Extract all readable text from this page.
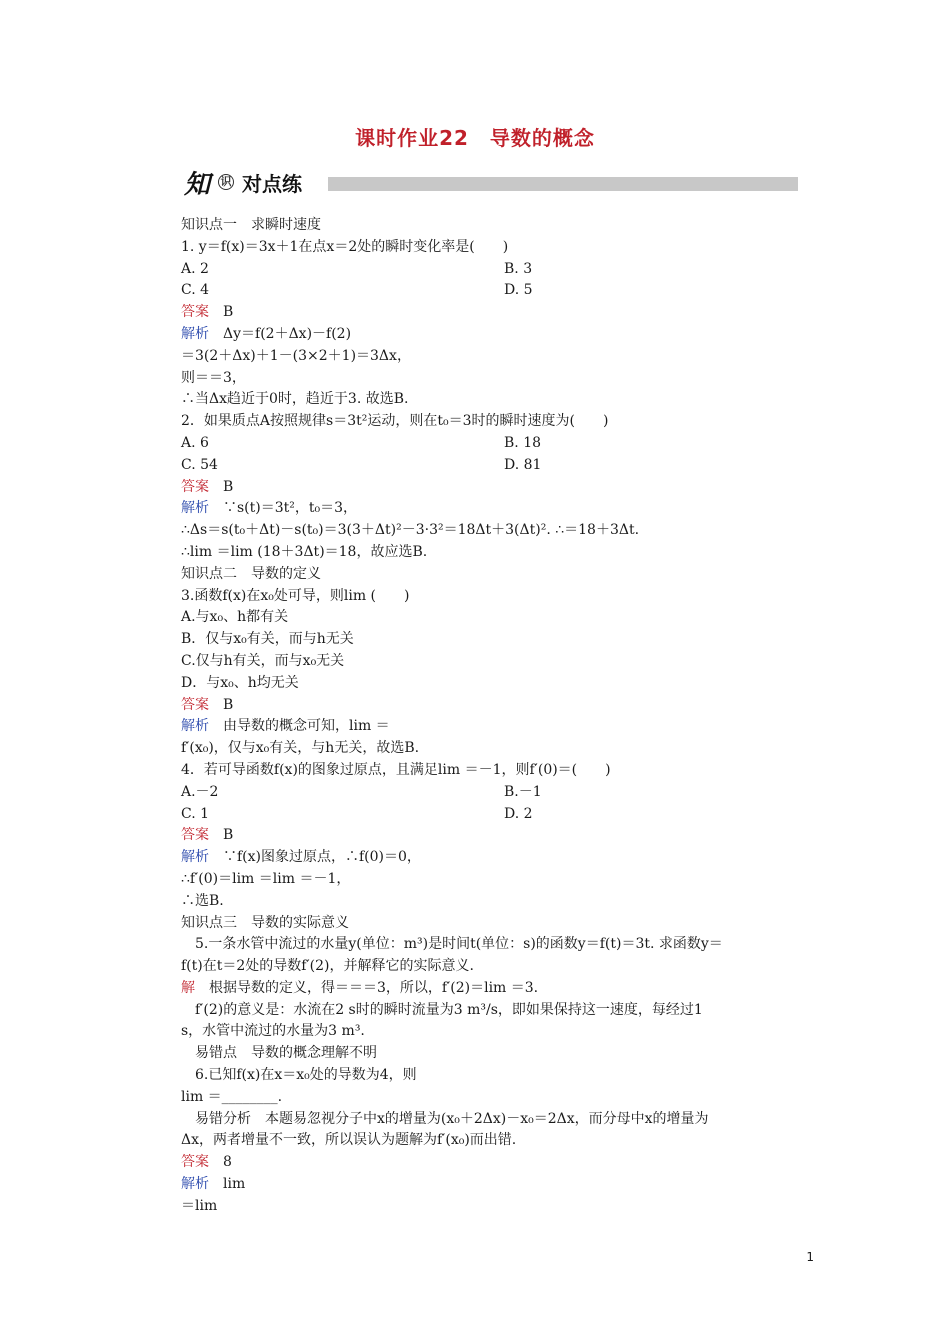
课时作业22　导数的概念
知 识 对点练
知识点一　求瞬时速度
1. y＝f(x)＝3x＋1在点x＝2处的瞬时变化率是(　　)
A. 2	B. 3
C. 4	D. 5
答案　B
解析　Δy＝f(2＋Δx)－f(2)
＝3(2＋Δx)＋1－(3×2＋1)＝3Δx，
则＝＝3，
∴当Δx趋近于0时，趋近于3. 故选B.
2．如果质点A按照规律s＝3t²运动，则在t₀＝3时的瞬时速度为(　　)
A. 6	B. 18
C. 54	D. 81
答案　B
解析　∵s(t)＝3t²，t₀＝3，
∴Δs＝s(t₀＋Δt)－s(t₀)＝3(3＋Δt)²－3·3²＝18Δt＋3(Δt)². ∴＝18＋3Δt.
∴lim ＝lim (18＋3Δt)＝18，故应选B.
知识点二　导数的定义
3.函数f(x)在x₀处可导，则lim (　　)
A.与x₀、h都有关
B．仅与x₀有关，而与h无关
C.仅与h有关，而与x₀无关
D．与x₀、h均无关
答案　B
解析　由导数的概念可知，lim ＝
f′(x₀)，仅与x₀有关，与h无关，故选B.
4．若可导函数f(x)的图象过原点，且满足lim ＝－1，则f′(0)＝(　　)
A.－2	B.－1
C. 1	D. 2
答案　B
解析　∵f(x)图象过原点，∴f(0)＝0，
∴f′(0)＝lim ＝lim ＝－1，
∴选B.
知识点三　导数的实际意义
　5.一条水管中流过的水量y(单位：m³)是时间t(单位：s)的函数y＝f(t)＝3t. 求函数y＝
f(t)在t＝2处的导数f′(2)，并解释它的实际意义.
解　根据导数的定义，得＝＝＝3，所以，f′(2)＝lim ＝3.
　f′(2)的意义是：水流在2 s时的瞬时流量为3 m³/s，即如果保持这一速度，每经过1
s，水管中流过的水量为3 m³.
　易错点　导数的概念理解不明
　6.已知f(x)在x＝x₀处的导数为4，则
lim ＝________.
　易错分析　本题易忽视分子中x的增量为(x₀＋2Δx)－x₀＝2Δx，而分母中x的增量为
Δx，两者增量不一致，所以误认为题解为f′(x₀)而出错.
答案　8
解析　lim
＝lim
1
